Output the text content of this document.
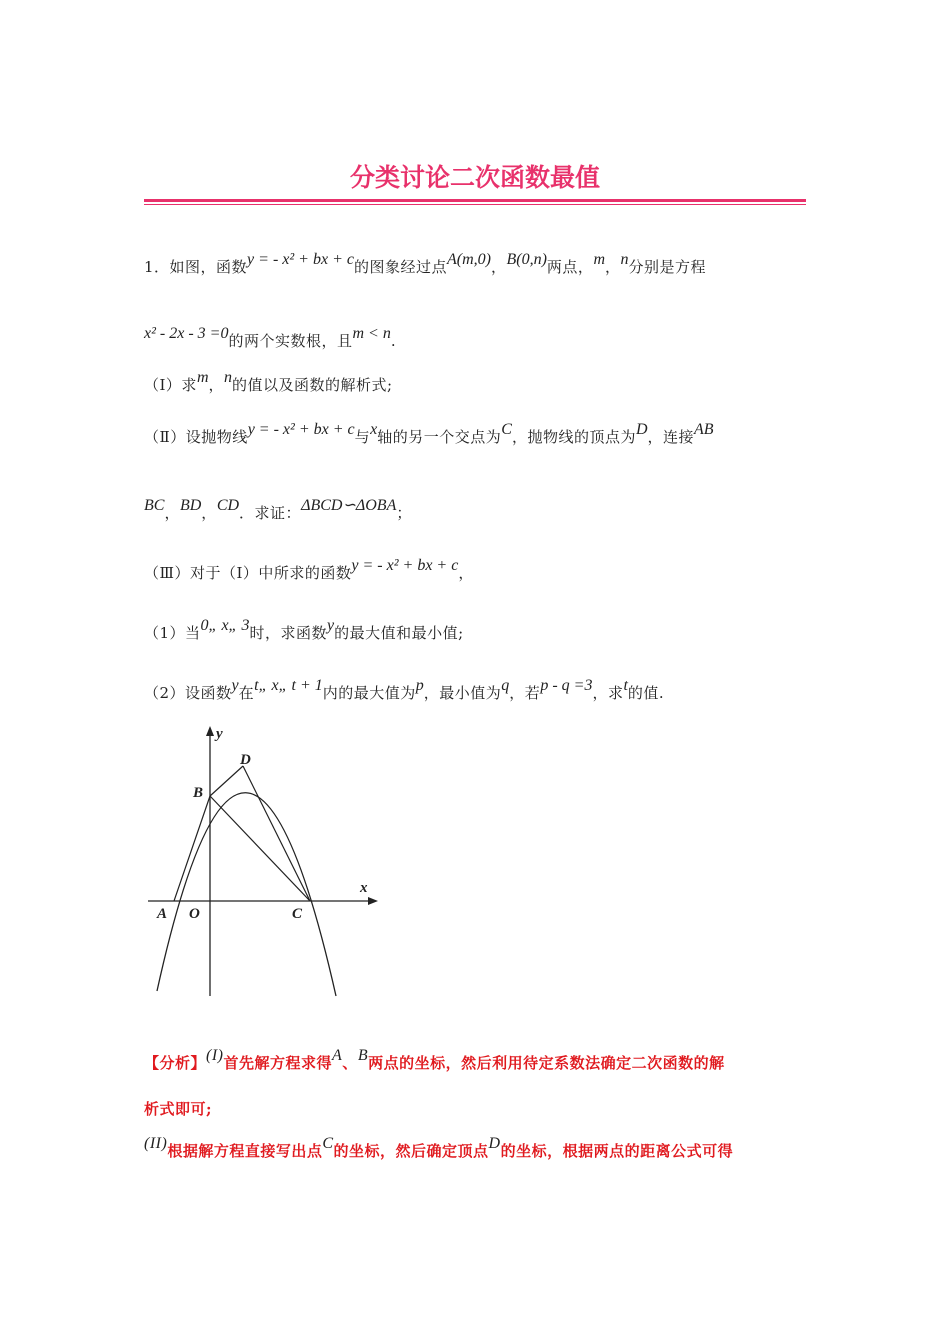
分类讨论二次函数最值
1．如图，函数y = - x² + bx + c的图象经过点A(m,0)，B(0,n)两点，m，n分别是方程
x² - 2x - 3 =0的两个实数根，且m < n.
（Ⅰ）求m，n的值以及函数的解析式;
（Ⅱ）设抛物线y = - x² + bx + c与x轴的另一个交点为C，抛物线的顶点为D，连接AB
BC，BD，CD．求证：ΔBCD∽ΔOBA；
（Ⅲ）对于（Ⅰ）中所求的函数y = - x² + bx + c，
（1）当0„ x„ 3时，求函数y的最大值和最小值;
（2）设函数y在t„ x„ t + 1内的最大值为p，最小值为q，若p - q =3，求t的值.
y
x
A O
B
C
D
【分析】(I)首先解方程求得A、B两点的坐标，然后利用待定系数法确定二次函数的解
析式即可;
(II)根据解方程直接写出点C的坐标，然后确定顶点D的坐标，根据两点的距离公式可得
